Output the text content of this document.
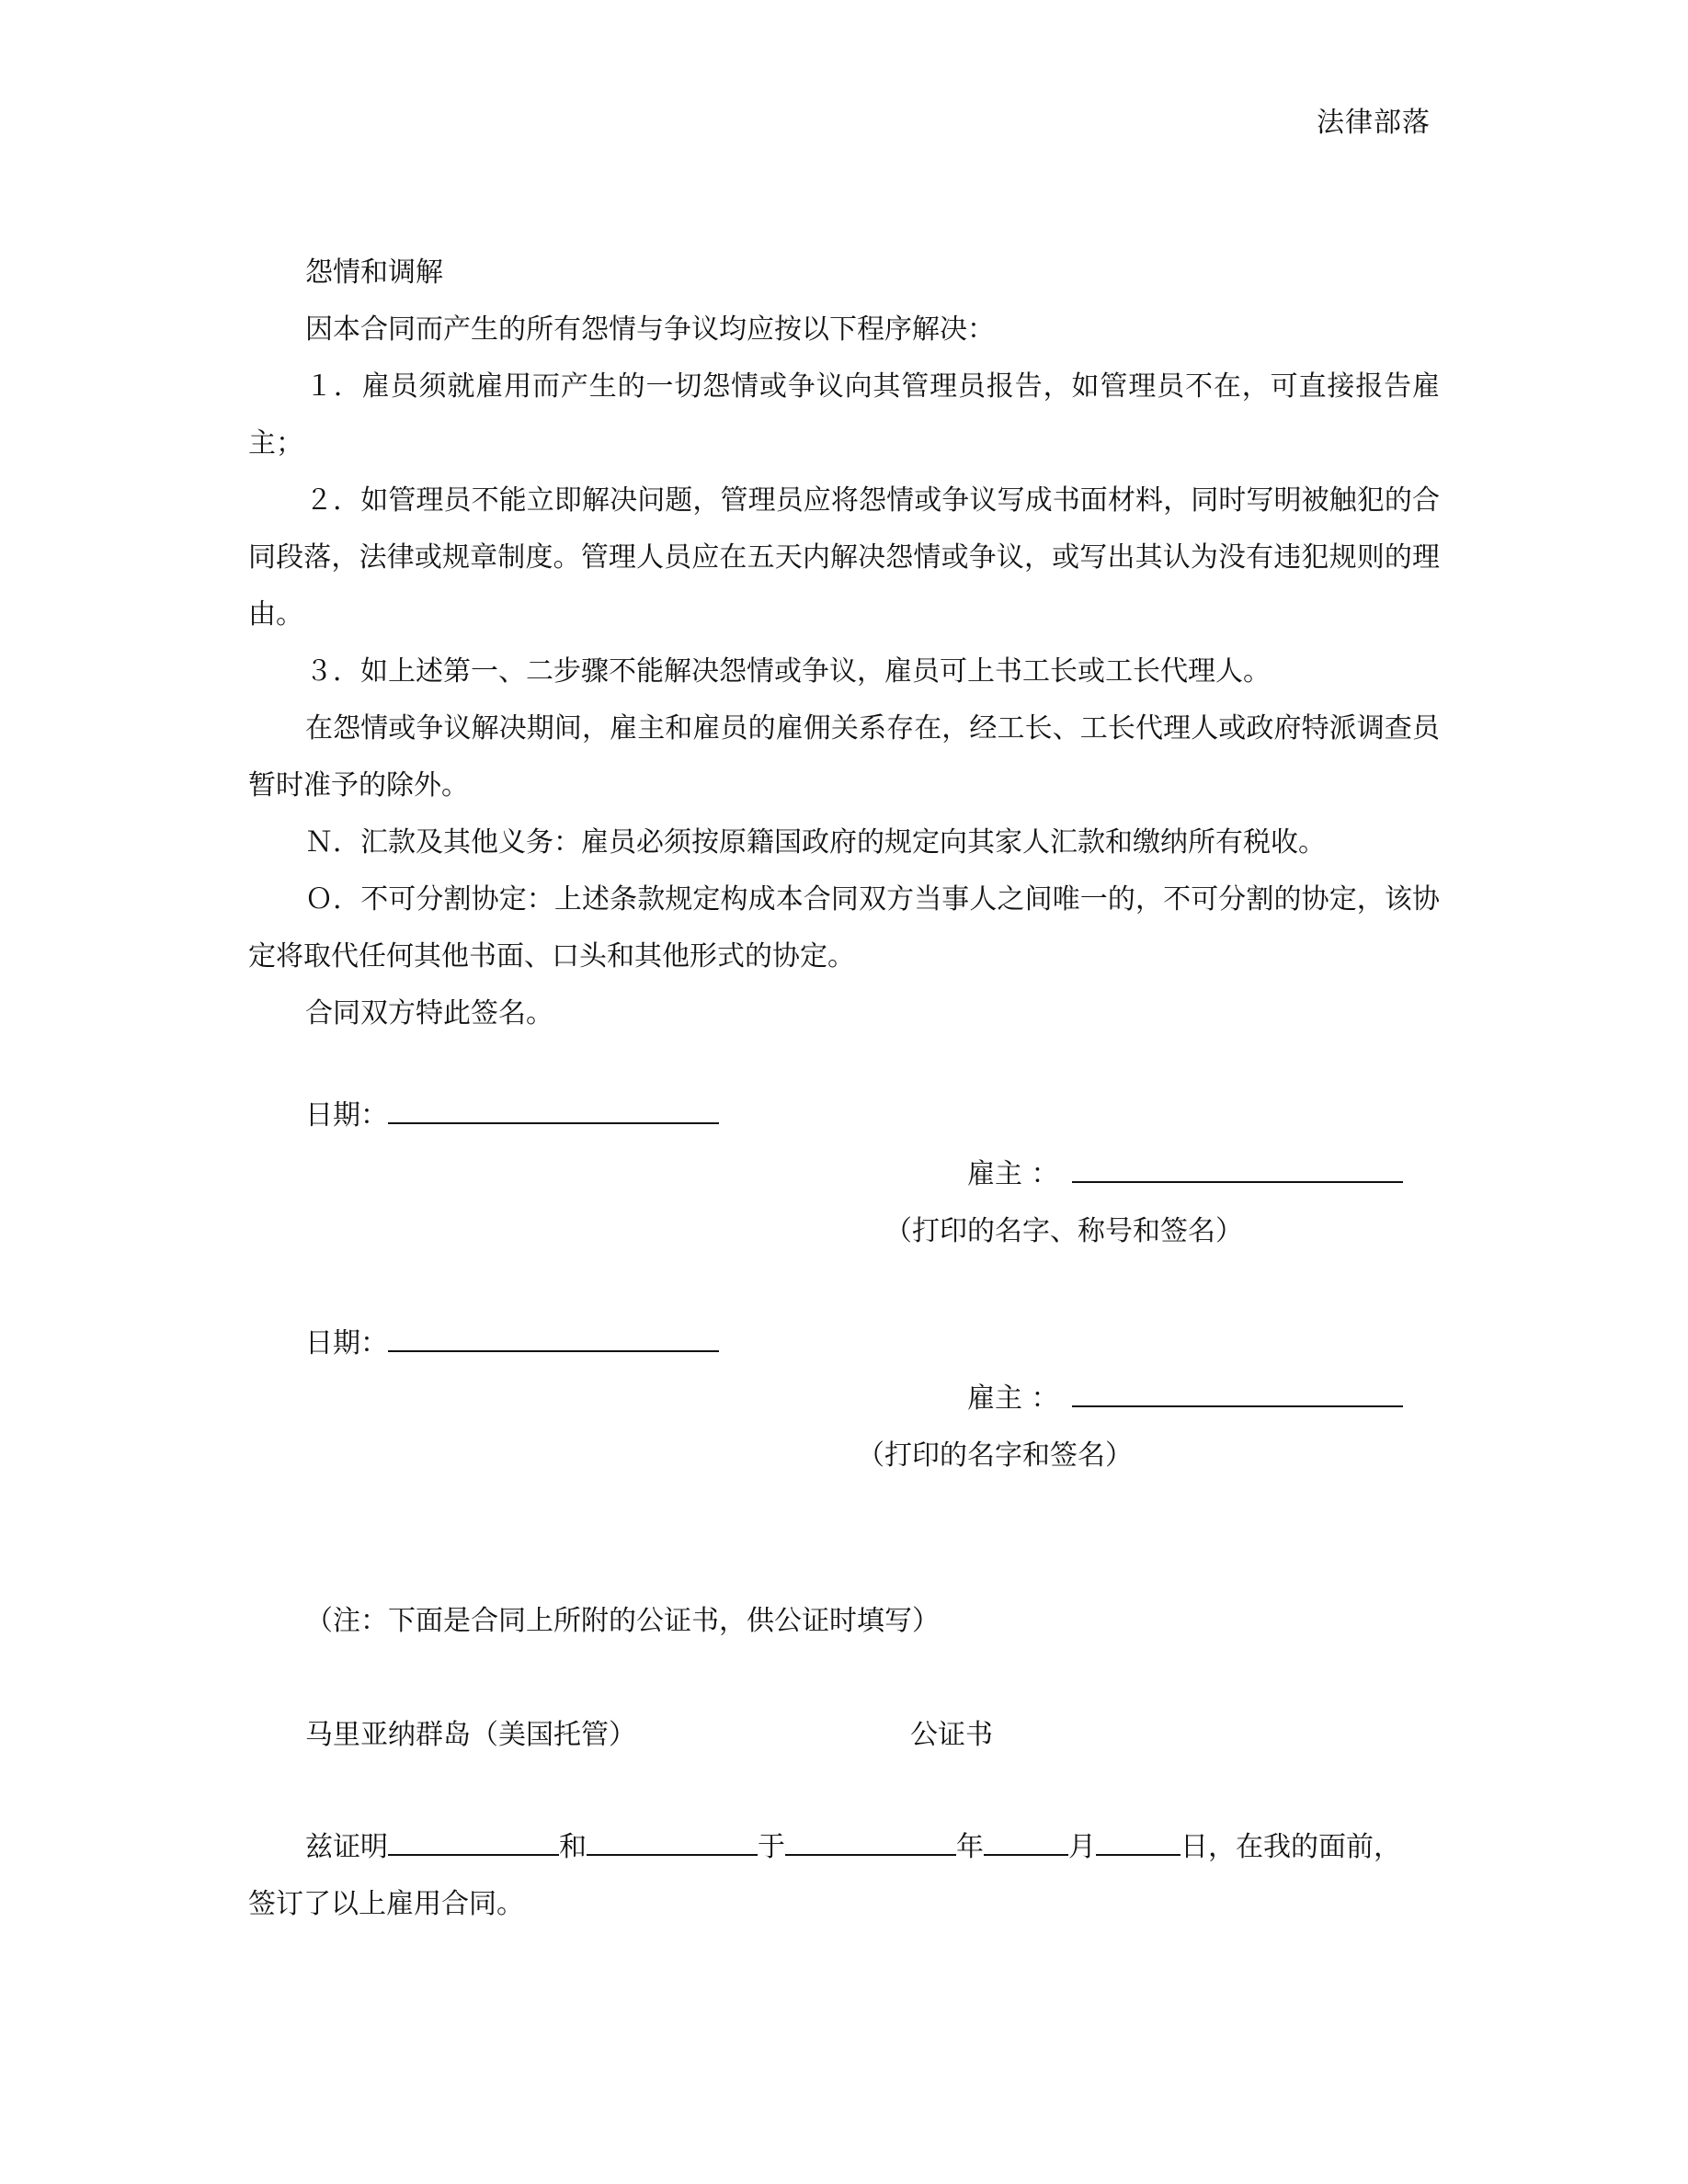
法律部落

怨情和调解

因本合同而产生的所有怨情与争议均应按以下程序解决：

１．雇员须就雇用而产生的一切怨情或争议向其管理员报告，如管理员不在，可直接报告雇主；

２．如管理员不能立即解决问题，管理员应将怨情或争议写成书面材料，同时写明被触犯的合同段落，法律或规章制度。管理人员应在五天内解决怨情或争议，或写出其认为没有违犯规则的理由。

３．如上述第一、二步骤不能解决怨情或争议，雇员可上书工长或工长代理人。

在怨情或争议解决期间，雇主和雇员的雇佣关系存在，经工长、工长代理人或政府特派调查员暂时准予的除外。

Ｎ．汇款及其他义务：雇员必须按原籍国政府的规定向其家人汇款和缴纳所有税收。

Ｏ．不可分割协定：上述条款规定构成本合同双方当事人之间唯一的，不可分割的协定，该协定将取代任何其他书面、口头和其他形式的协定。

合同双方特此签名。

日期：
雇主 ：
（打印的名字、称号和签名）
日期：
雇主 ：
（打印的名字和签名）
（注：下面是合同上所附的公证书，供公证时填写）
马里亚纳群岛（美国托管）	公证书
兹证明	和	于	年	月	日，在我的面前，
签订了以上雇用合同。
